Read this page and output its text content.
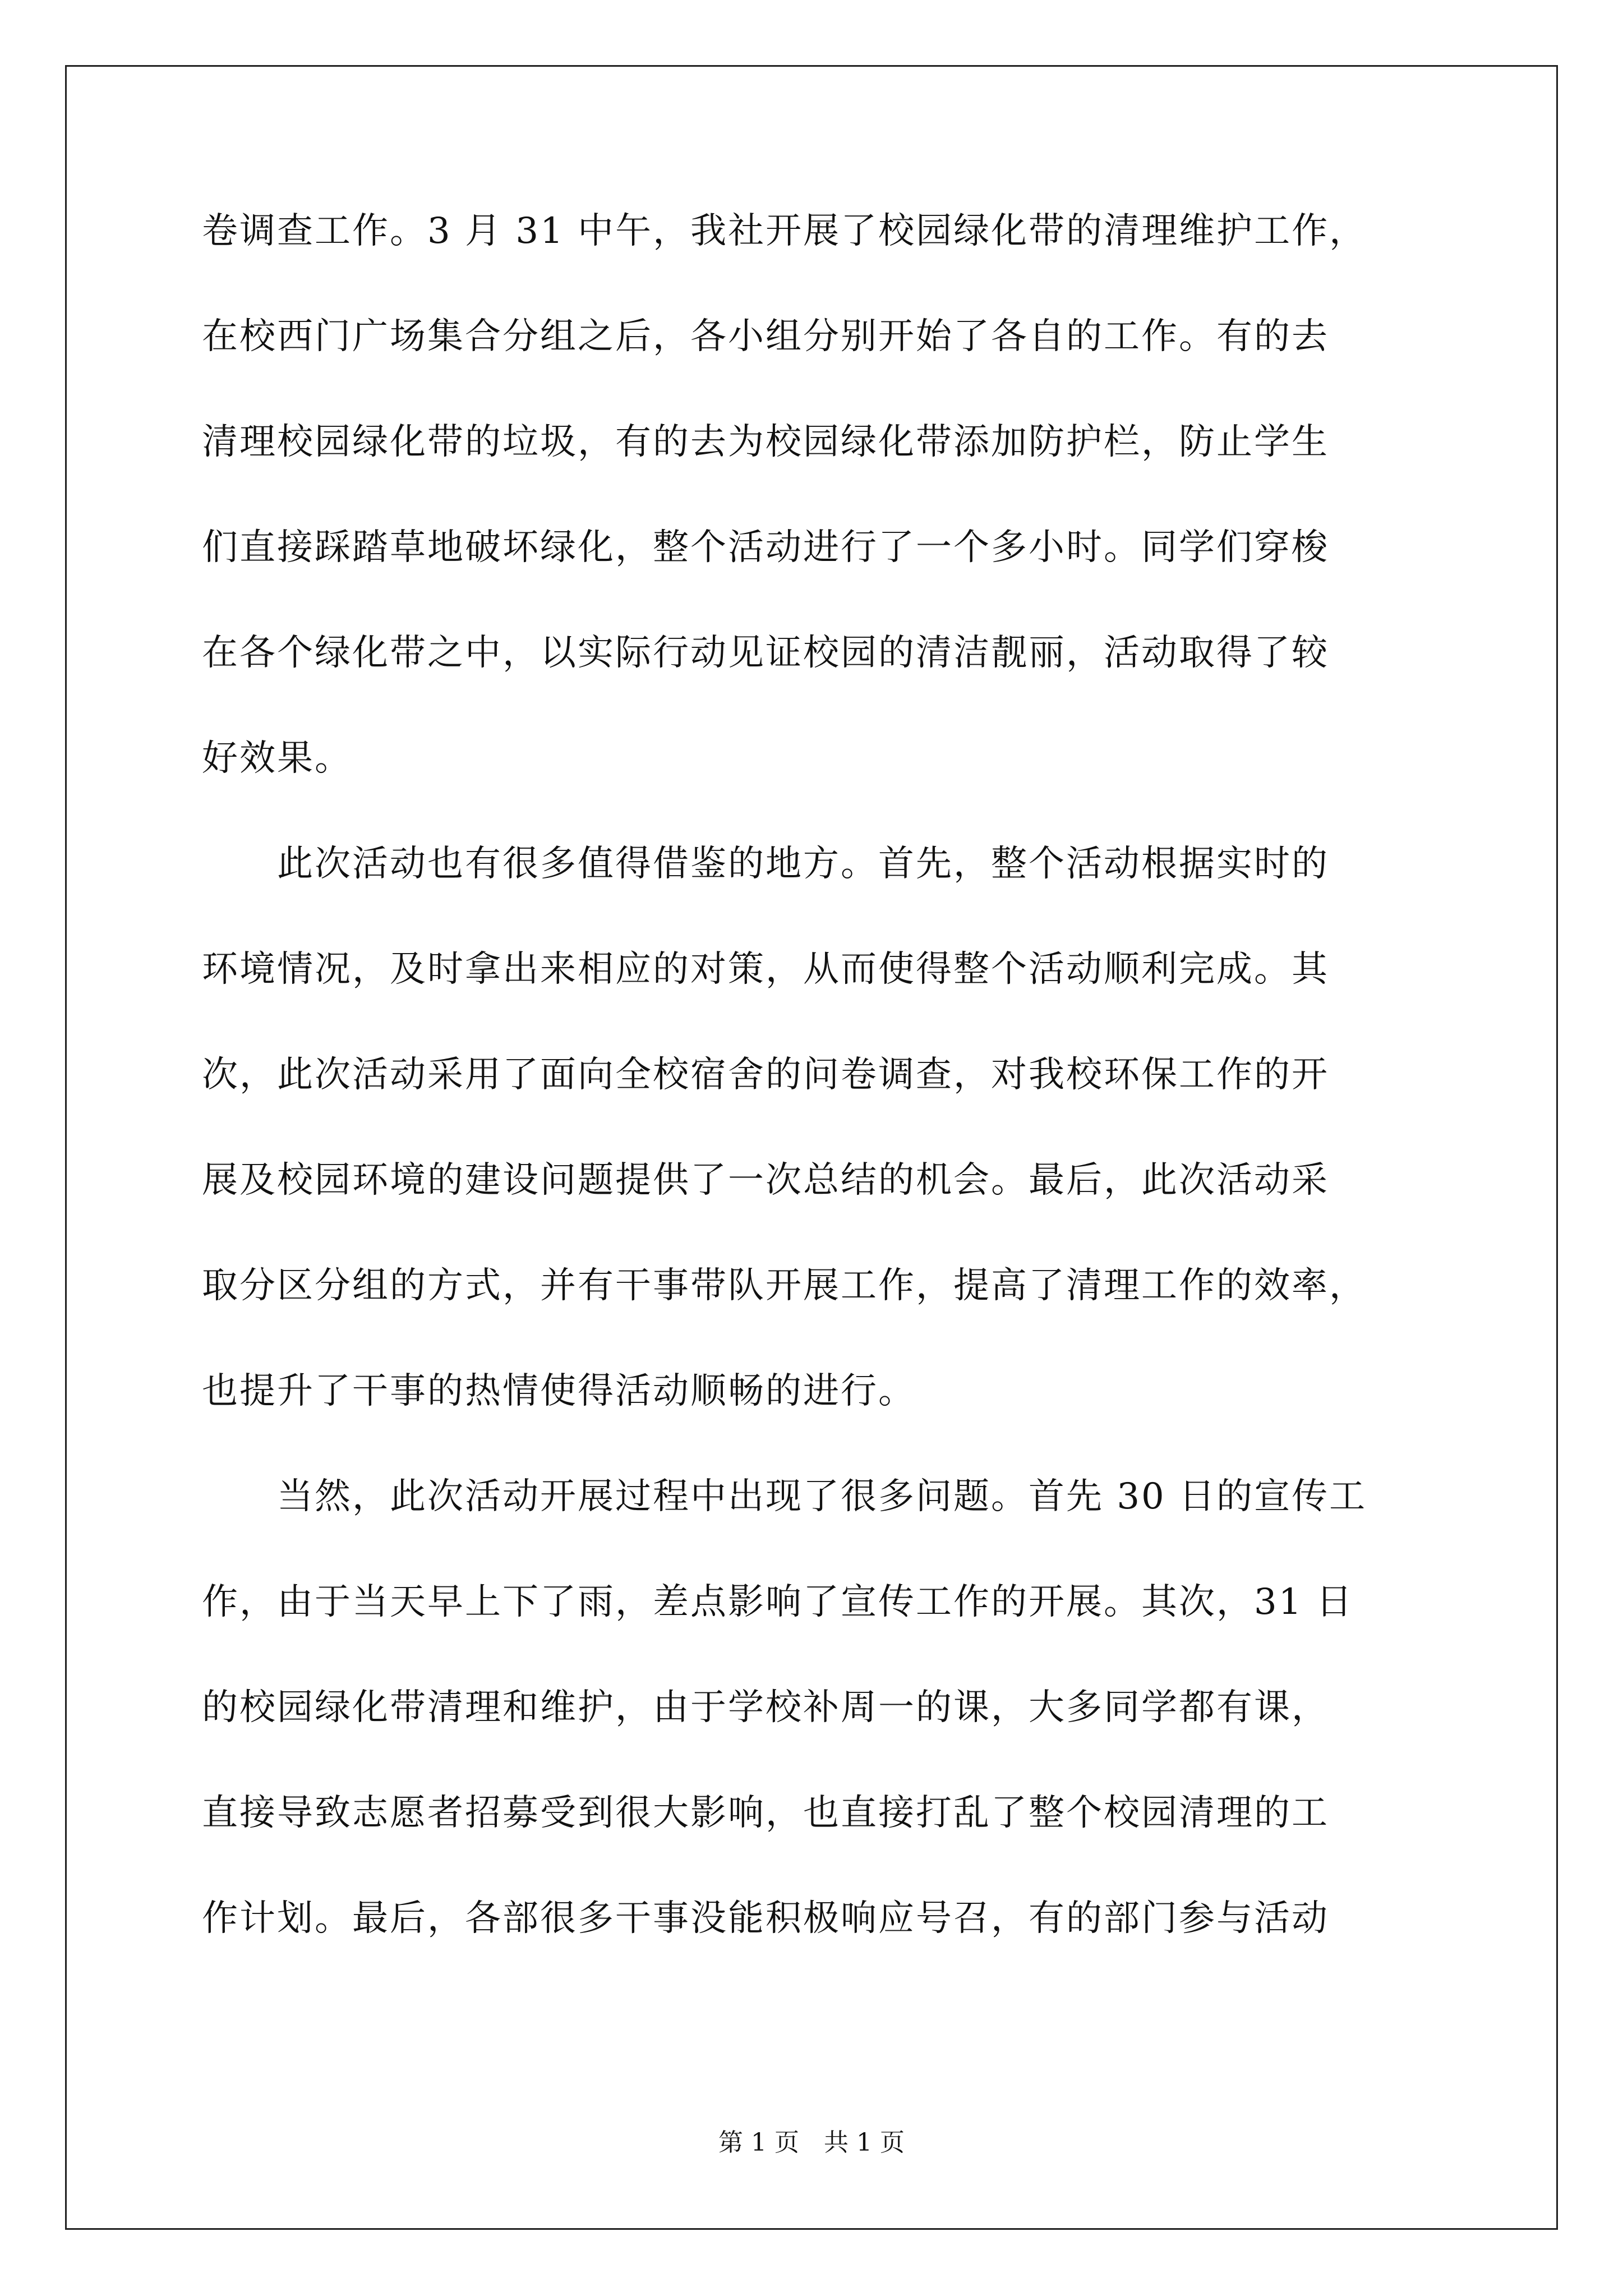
卷调查工作。3 月 31 中午，我社开展了校园绿化带的清理维护工作，
在校西门广场集合分组之后，各小组分别开始了各自的工作。有的去
清理校园绿化带的垃圾，有的去为校园绿化带添加防护栏，防止学生
们直接踩踏草地破坏绿化，整个活动进行了一个多小时。同学们穿梭
在各个绿化带之中，以实际行动见证校园的清洁靓丽，活动取得了较
好效果。
　　此次活动也有很多值得借鉴的地方。首先，整个活动根据实时的
环境情况，及时拿出来相应的对策，从而使得整个活动顺利完成。其
次，此次活动采用了面向全校宿舍的问卷调查，对我校环保工作的开
展及校园环境的建设问题提供了一次总结的机会。最后，此次活动采
取分区分组的方式，并有干事带队开展工作，提高了清理工作的效率，
也提升了干事的热情使得活动顺畅的进行。
　　当然，此次活动开展过程中出现了很多问题。首先 30 日的宣传工
作，由于当天早上下了雨，差点影响了宣传工作的开展。其次，31 日
的校园绿化带清理和维护，由于学校补周一的课，大多同学都有课，
直接导致志愿者招募受到很大影响，也直接打乱了整个校园清理的工
作计划。最后，各部很多干事没能积极响应号召，有的部门参与活动
第 1 页　共 1 页
